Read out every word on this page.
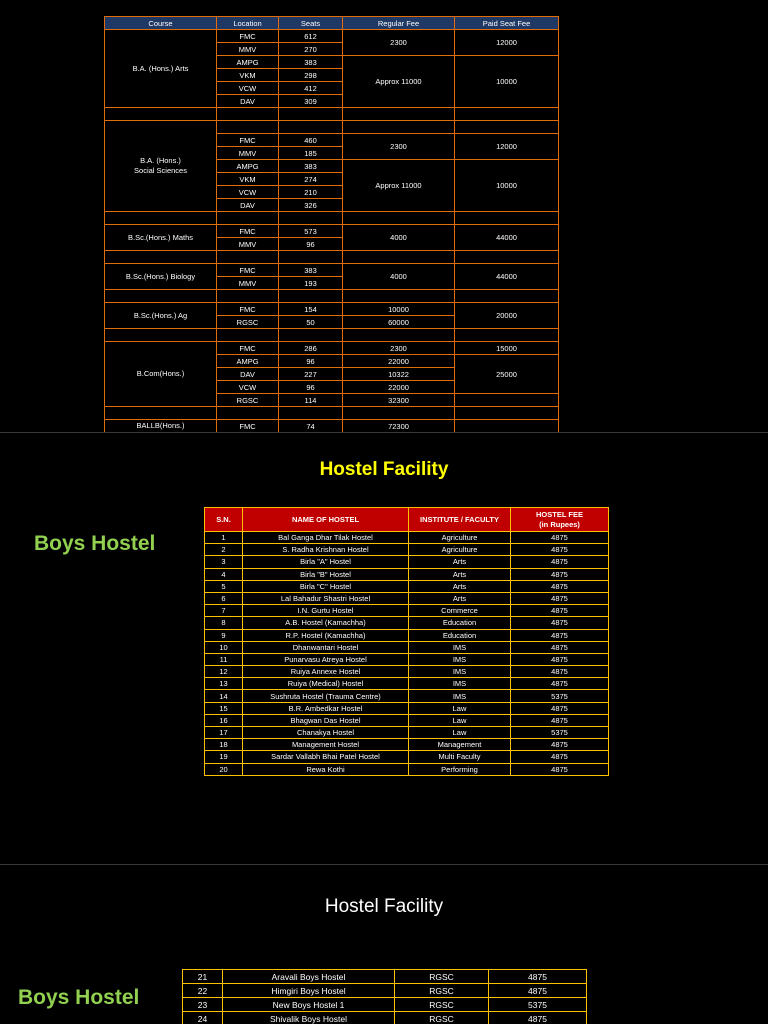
Course	Location	Seats	Regular Fee	Paid Seat Fee
B.A. (Hons.) Arts	FMC	612	2300	12000
	MMV	270		
	AMPG	383	Approx 11000	10000
	VKM	298		
	VCW	412		
	DAV	309		

B.A. (Hons.)
Social Sciences				
	FMC	460	2300	12000
	MMV	185		
	AMPG	383	Approx 11000	10000
	VKM	274		
	VCW	210		
	DAV	326		

B.Sc.(Hons.) Maths	FMC	573	4000	44000
	MMV	96		

B.Sc.(Hons.) Biology	FMC	383	4000	44000
	MMV	193		

B.Sc.(Hons.) Ag	FMC	154	10000	20000
	RGSC	50	60000	

B.Com(Hons.)	FMC	286	2300	15000
	AMPG	96	22000	25000
	DAV	227	10322	
	VCW	96	22000	
	RGSC	114	32300	

BALLB(Hons.)	FMC	74	72300	
Hostel Facility
Boys Hostel
S.N.	NAME OF HOSTEL	INSTITUTE / FACULTY	HOSTEL FEE
(in Rupees)
1	Bal Ganga Dhar Tilak Hostel	Agriculture	4875
2	S. Radha Krishnan Hostel	Agriculture	4875
3	Birla "A" Hostel	Arts	4875
4	Birla "B" Hostel	Arts	4875
5	Birla "C" Hostel	Arts	4875
6	Lal Bahadur Shastri Hostel	Arts	4875
7	I.N. Gurtu Hostel	Commerce	4875
8	A.B. Hostel (Kamachha)	Education	4875
9	R.P. Hostel (Kamachha)	Education	4875
10	Dhanwantari Hostel	IMS	4875
11	Punarvasu Atreya Hostel	IMS	4875
12	Ruiya Annexe Hostel	IMS	4875
13	Ruiya (Medical) Hostel	IMS	4875
14	Sushruta Hostel (Trauma Centre)	IMS	5375
15	B.R. Ambedkar Hostel	Law	4875
16	Bhagwan Das Hostel	Law	4875
17	Chanakya Hostel	Law	5375
18	Management Hostel	Management	4875
19	Sardar Vallabh Bhai Patel Hostel	Multi Faculty	4875
20	Rewa Kothi	Performing	4875
Hostel Facility
Boys Hostel
21	Aravali Boys Hostel	RGSC	4875
22	Himgiri Boys Hostel	RGSC	4875
23	New Boys Hostel 1	RGSC	5375
24	Shivalik Boys Hostel	RGSC	4875
